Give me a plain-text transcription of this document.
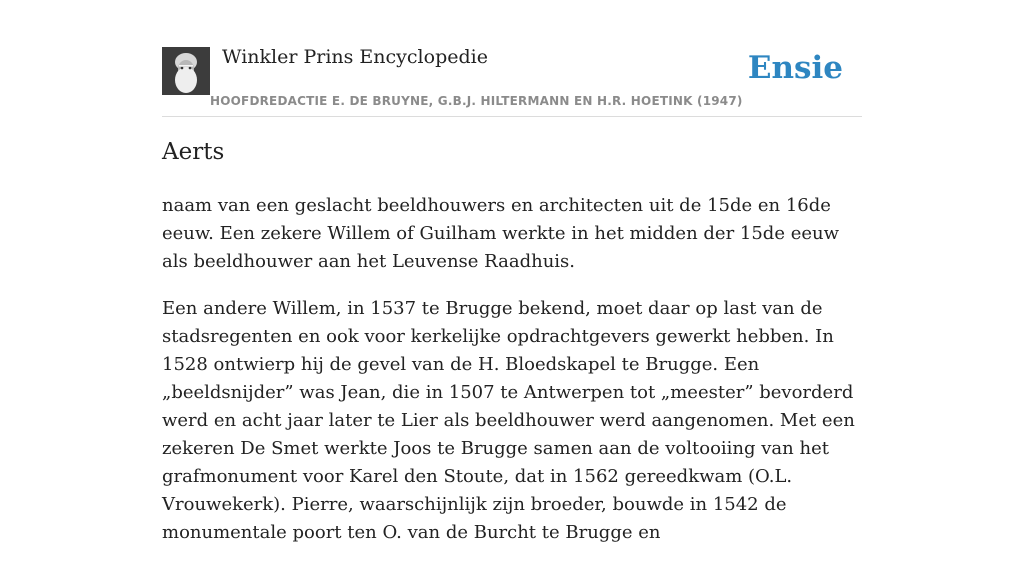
Winkler Prins Encyclopedie
HOOFDREDACTIE E. DE BRUYNE, G.B.J. HILTERMANN EN H.R. HOETINK (1947)
Ensie
Aerts

naam van een geslacht beeldhouwers en architecten uit de 15de en 16de eeuw. Een zekere Willem of Guilham werkte in het midden der 15de eeuw als beeldhouwer aan het Leuvense Raadhuis.

Een andere Willem, in 1537 te Brugge bekend, moet daar op last van de stadsregenten en ook voor kerkelijke opdrachtgevers gewerkt hebben. In 1528 ontwierp hij de gevel van de H. Bloedskapel te Brugge. Een „beeldsnijder” was Jean, die in 1507 te Antwerpen tot „meester” bevorderd werd en acht jaar later te Lier als beeldhouwer werd aangenomen. Met een zekeren De Smet werkte Joos te Brugge samen aan de voltooiing van het grafmonument voor Karel den Stoute, dat in 1562 gereedkwam (O.L. Vrouwekerk). Pierre, waarschijnlijk zijn broeder, bouwde in 1542 de monumentale poort ten O. van de Burcht te Brugge en
